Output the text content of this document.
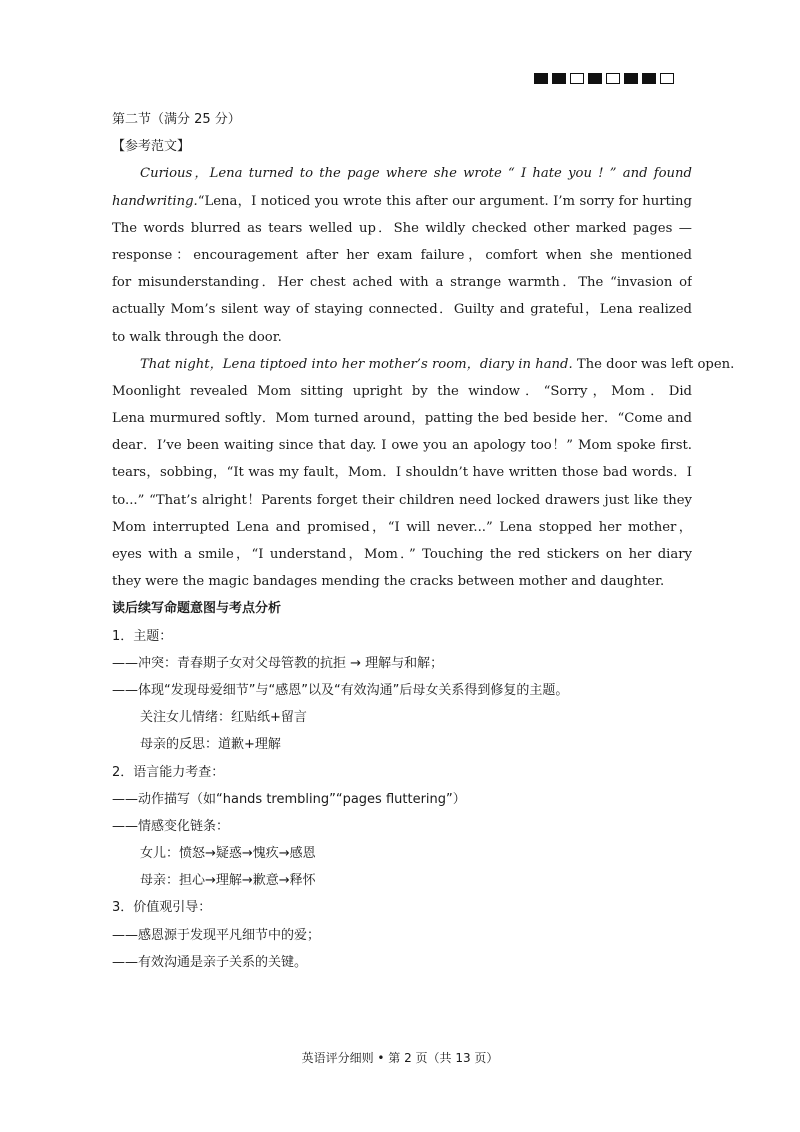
第二节（满分 25 分）
【参考范文】
Curious，Lena turned to the page where she wrote “ I hate you ! ” and found
handwriting.“Lena，I noticed you wrote this after our argument. I’m sorry for hurting
The words blurred as tears welled up．She wildly checked other marked pages —
response：encouragement after her exam failure，comfort when she mentioned
for misunderstanding．Her chest ached with a strange warmth．The “invasion of
actually Mom’s silent way of staying connected．Guilty and grateful，Lena realized
to walk through the door.
That night，Lena tiptoed into her mother’s room，diary in hand. The door was left open.
Moonlight revealed Mom sitting upright by the window．“Sorry，Mom．Did
Lena murmured softly．Mom turned around，patting the bed beside her．“Come and
dear．I’ve been waiting since that day. I owe you an apology too！” Mom spoke first.
tears，sobbing，“It was my fault，Mom．I shouldn’t have written those bad words．I
to...” “That’s alright！Parents forget their children need locked drawers just like they
Mom interrupted Lena and promised，“I will never...” Lena stopped her mother，
eyes with a smile，“I understand，Mom．” Touching the red stickers on her diary
they were the magic bandages mending the cracks between mother and daughter.
读后续写命题意图与考点分析
1．主题：
——冲突：青春期子女对父母管教的抗拒 → 理解与和解；
——体现“发现母爱细节”与“感恩”以及“有效沟通”后母女关系得到修复的主题。
关注女儿情绪：红贴纸+留言
母亲的反思：道歉+理解
2．语言能力考查：
——动作描写（如“hands trembling”“pages fluttering”）
——情感变化链条：
女儿：愤怒→疑惑→愧疚→感恩
母亲：担心→理解→歉意→释怀
3．价值观引导：
——感恩源于发现平凡细节中的爱；
——有效沟通是亲子关系的关键。
英语评分细则 • 第 2 页（共 13 页）
